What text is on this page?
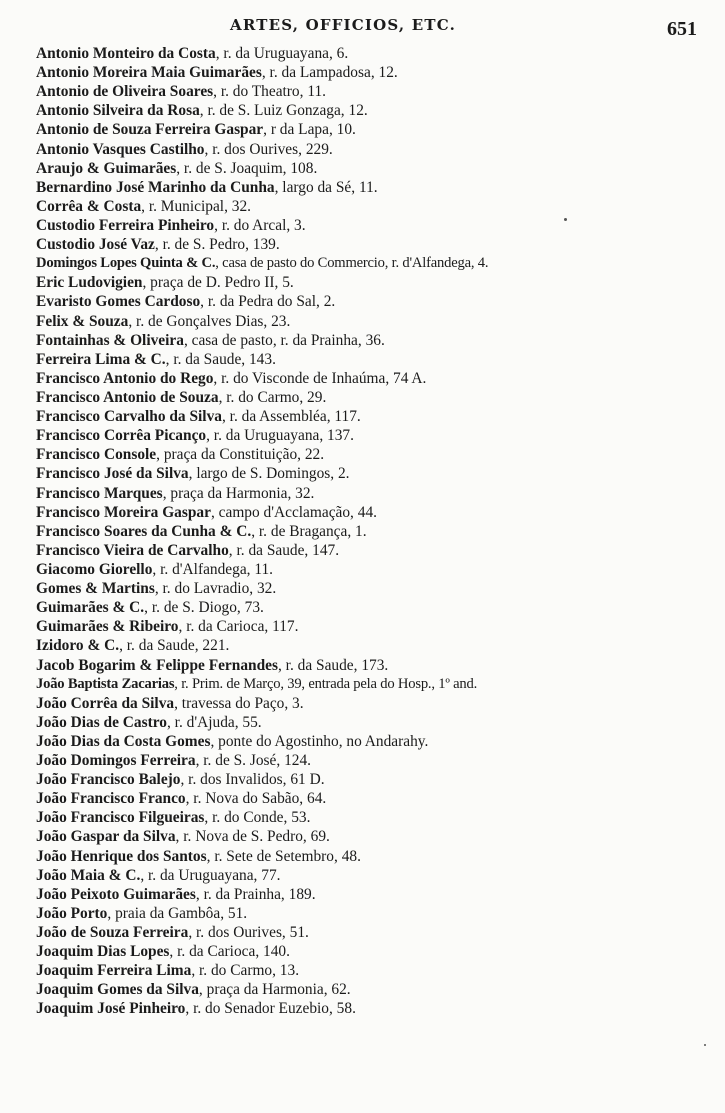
ARTES, OFFICIOS, ETC.	651
Antonio Monteiro da Costa, r. da Uruguayana, 6.
Antonio Moreira Maia Guimarães, r. da Lampadosa, 12.
Antonio de Oliveira Soares, r. do Theatro, 11.
Antonio Silveira da Rosa, r. de S. Luiz Gonzaga, 12.
Antonio de Souza Ferreira Gaspar, r da Lapa, 10.
Antonio Vasques Castilho, r. dos Ourives, 229.
Araujo & Guimarães, r. de S. Joaquim, 108.
Bernardino José Marinho da Cunha, largo da Sé, 11.
Corrêa & Costa, r. Municipal, 32.
Custodio Ferreira Pinheiro, r. do Arcal, 3.
Custodio José Vaz, r. de S. Pedro, 139.
Domingos Lopes Quinta & C., casa de pasto do Commercio, r. d'Alfandega, 4.
Eric Ludovigien, praça de D. Pedro II, 5.
Evaristo Gomes Cardoso, r. da Pedra do Sal, 2.
Felix & Souza, r. de Gonçalves Dias, 23.
Fontainhas & Oliveira, casa de pasto, r. da Prainha, 36.
Ferreira Lima & C., r. da Saude, 143.
Francisco Antonio do Rego, r. do Visconde de Inhaúma, 74 A.
Francisco Antonio de Souza, r. do Carmo, 29.
Francisco Carvalho da Silva, r. da Assembléa, 117.
Francisco Corrêa Picanço, r. da Uruguayana, 137.
Francisco Console, praça da Constituição, 22.
Francisco José da Silva, largo de S. Domingos, 2.
Francisco Marques, praça da Harmonia, 32.
Francisco Moreira Gaspar, campo d'Acclamação, 44.
Francisco Soares da Cunha & C., r. de Bragança, 1.
Francisco Vieira de Carvalho, r. da Saude, 147.
Giacomo Giorello, r. d'Alfandega, 11.
Gomes & Martins, r. do Lavradio, 32.
Guimarães & C., r. de S. Diogo, 73.
Guimarães & Ribeiro, r. da Carioca, 117.
Izidoro & C., r. da Saude, 221.
Jacob Bogarim & Felippe Fernandes, r. da Saude, 173.
João Baptista Zacarias, r. Prim. de Março, 39, entrada pela do Hosp., 1º and.
João Corrêa da Silva, travessa do Paço, 3.
João Dias de Castro, r. d'Ajuda, 55.
João Dias da Costa Gomes, ponte do Agostinho, no Andarahy.
João Domingos Ferreira, r. de S. José, 124.
João Francisco Balejo, r. dos Invalidos, 61 D.
João Francisco Franco, r. Nova do Sabão, 64.
João Francisco Filgueiras, r. do Conde, 53.
João Gaspar da Silva, r. Nova de S. Pedro, 69.
João Henrique dos Santos, r. Sete de Setembro, 48.
João Maia & C., r. da Uruguayana, 77.
João Peixoto Guimarães, r. da Prainha, 189.
João Porto, praia da Gambôa, 51.
João de Souza Ferreira, r. dos Ourives, 51.
Joaquim Dias Lopes, r. da Carioca, 140.
Joaquim Ferreira Lima, r. do Carmo, 13.
Joaquim Gomes da Silva, praça da Harmonia, 62.
Joaquim José Pinheiro, r. do Senador Euzebio, 58.
